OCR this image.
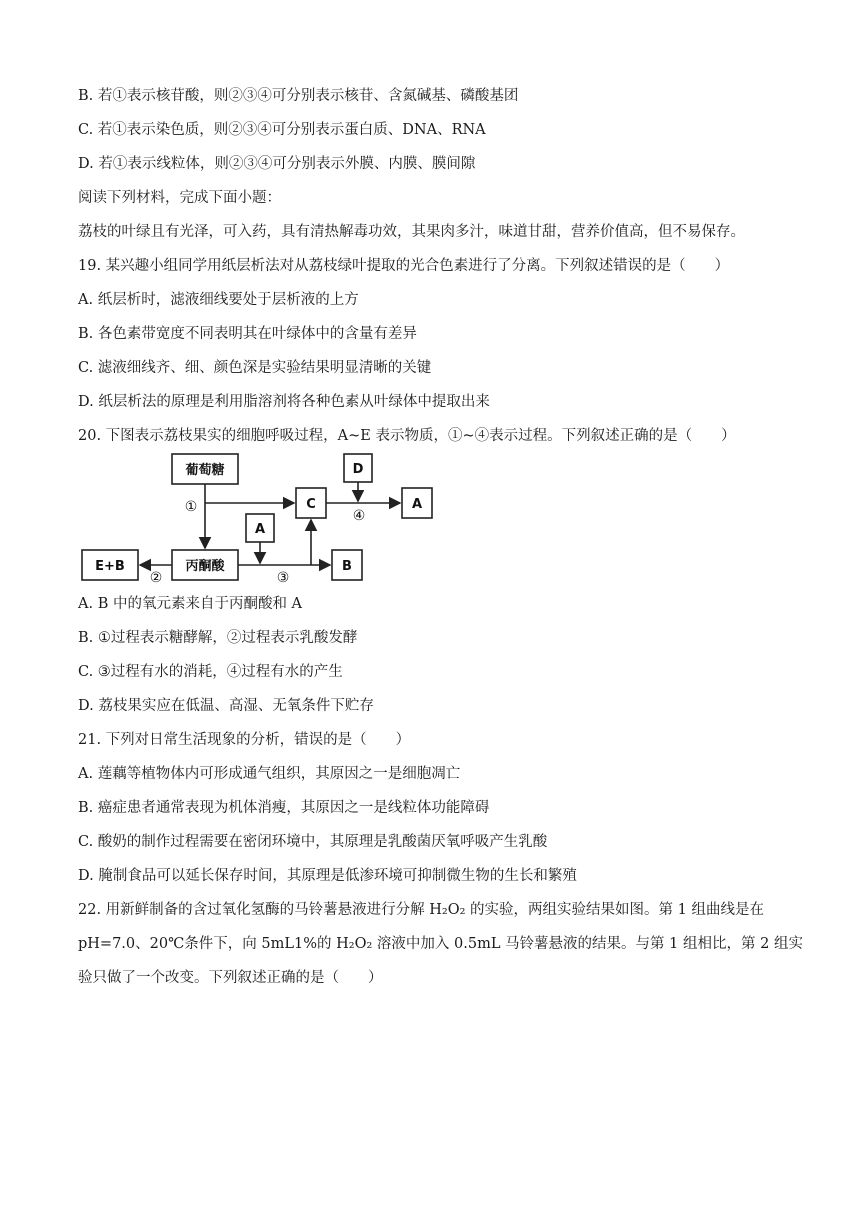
B. 若①表示核苷酸，则②③④可分别表示核苷、含氮碱基、磷酸基团
C. 若①表示染色质，则②③④可分别表示蛋白质、DNA、RNA
D. 若①表示线粒体，则②③④可分别表示外膜、内膜、膜间隙
阅读下列材料，完成下面小题：
荔枝的叶绿且有光泽，可入药，具有清热解毒功效，其果肉多汁，味道甘甜，营养价值高，但不易保存。
19. 某兴趣小组同学用纸层析法对从荔枝绿叶提取的光合色素进行了分离。下列叙述错误的是（　　）
A. 纸层析时，滤液细线要处于层析液的上方
B. 各色素带宽度不同表明其在叶绿体中的含量有差异
C. 滤液细线齐、细、颜色深是实验结果明显清晰的关键
D. 纸层析法的原理是利用脂溶剂将各种色素从叶绿体中提取出来
20. 下图表示荔枝果实的细胞呼吸过程，A~E 表示物质，①~④表示过程。下列叙述正确的是（　　）
葡萄糖
丙酮酸
C	A
D
A
B
E+B
①
②	③
④
A. B 中的氧元素来自于丙酮酸和 A
B. ①过程表示糖酵解，②过程表示乳酸发酵
C. ③过程有水的消耗，④过程有水的产生
D. 荔枝果实应在低温、高湿、无氧条件下贮存
21. 下列对日常生活现象的分析，错误的是（　　）
A. 莲藕等植物体内可形成通气组织，其原因之一是细胞凋亡
B. 癌症患者通常表现为机体消瘦，其原因之一是线粒体功能障碍
C. 酸奶的制作过程需要在密闭环境中，其原理是乳酸菌厌氧呼吸产生乳酸
D. 腌制食品可以延长保存时间，其原理是低渗环境可抑制微生物的生长和繁殖
22. 用新鲜制备的含过氧化氢酶的马铃薯悬液进行分解 H₂O₂ 的实验，两组实验结果如图。第 1 组曲线是在
pH=7.0、20℃条件下，向 5mL1%的 H₂O₂ 溶液中加入 0.5mL 马铃薯悬液的结果。与第 1 组相比，第 2 组实
验只做了一个改变。下列叙述正确的是（　　）
